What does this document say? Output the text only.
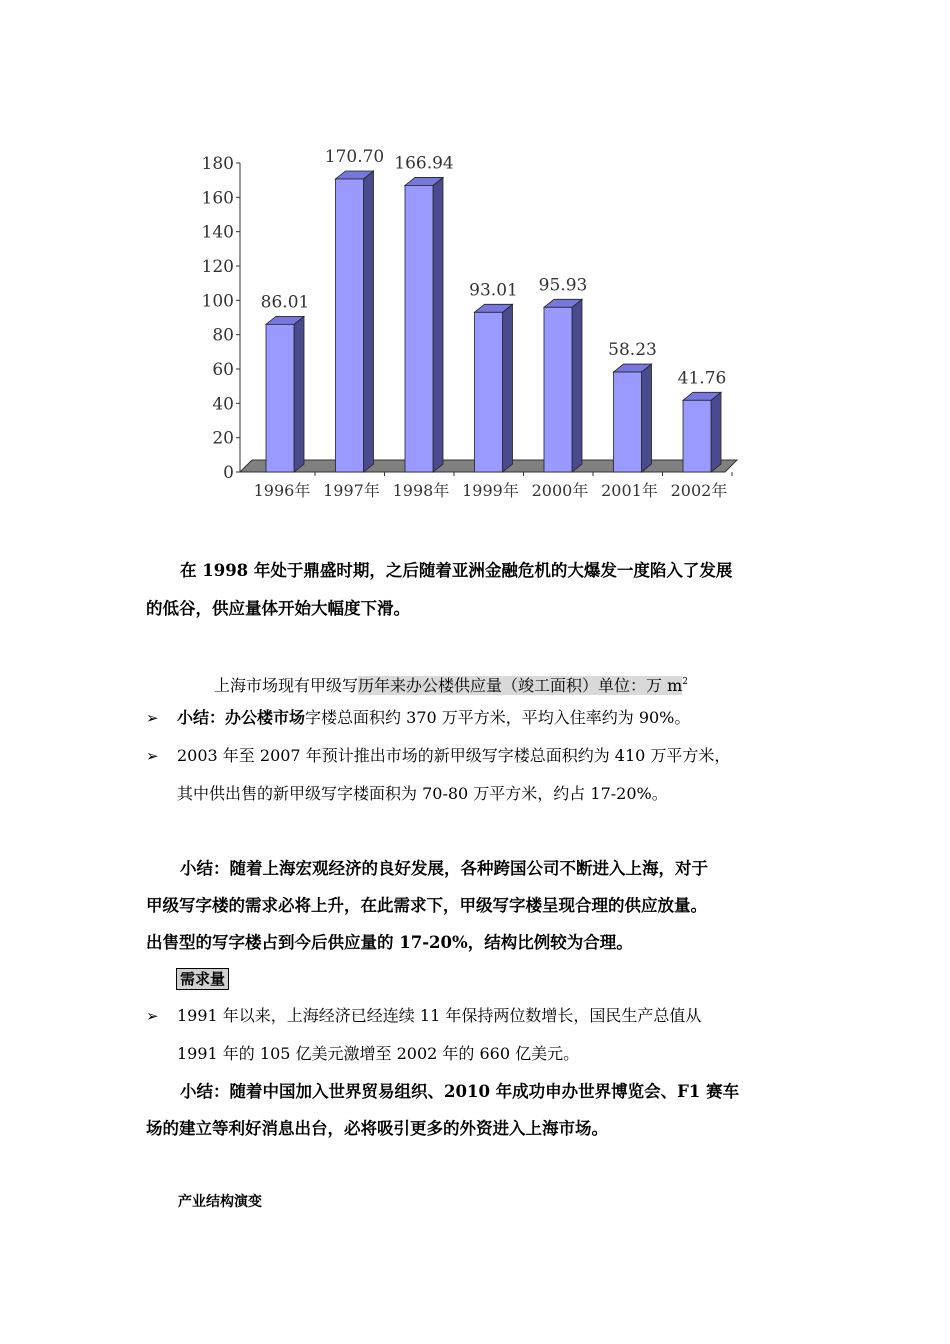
0
20
40
60
80
100
120
140
160
180
86.01
1996年
170.70
1997年
166.94
1998年
93.01
1999年
95.93
2000年
58.23
2001年
41.76
2002年

在 1998 年处于鼎盛时期，之后随着亚洲金融危机的大爆发一度陷入了发展
的低谷，供应量体开始大幅度下滑。

上海市场现有甲级写历年来办公楼供应量（竣工面积）单位：万 $m^2$
➢ 小结：办公楼市场字楼总面积约 370 万平方米，平均入住率约为 90%。
➢ 2003 年至 2007 年预计推出市场的新甲级写字楼总面积约为 410 万平方米，
其中供出售的新甲级写字楼面积为 70-80 万平方米，约占 17-20%。
小结：随着上海宏观经济的良好发展，各种跨国公司不断进入上海，对于
甲级写字楼的需求必将上升，在此需求下，甲级写字楼呈现合理的供应放量。
出售型的写字楼占到今后供应量的 17-20%，结构比例较为合理。
需求量
➢ 1991 年以来，上海经济已经连续 11 年保持两位数增长，国民生产总值从
1991 年的 105 亿美元激增至 2002 年的 660 亿美元。
小结：随着中国加入世界贸易组织、2010 年成功申办世界博览会、F1 赛车
场的建立等利好消息出台，必将吸引更多的外资进入上海市场。
产业结构演变
